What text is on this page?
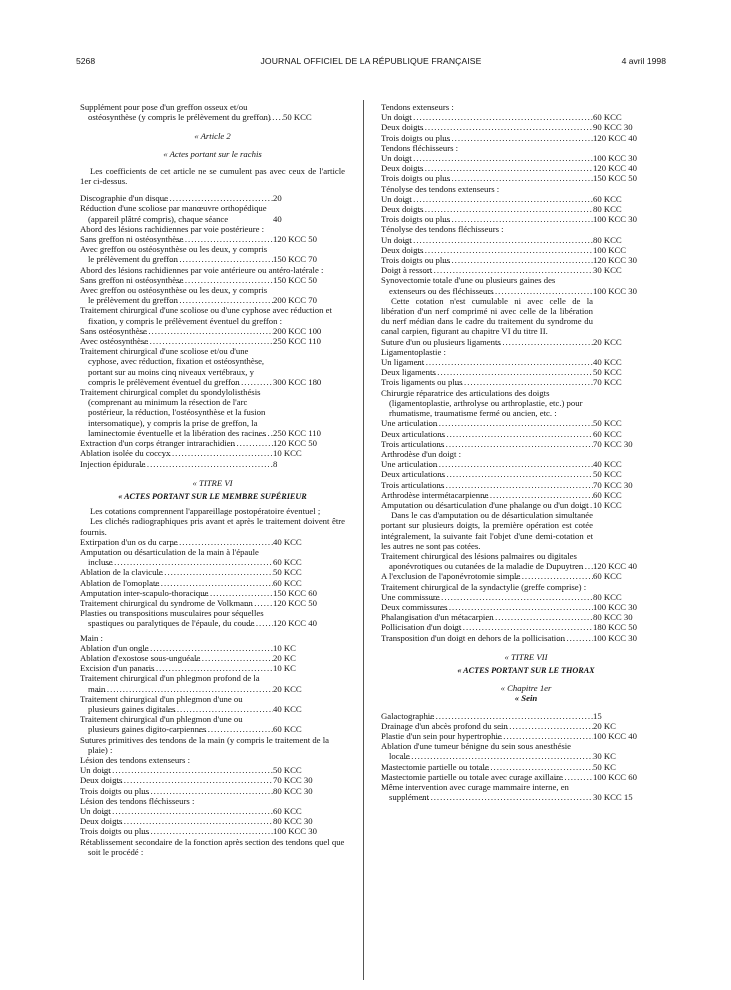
5268	JOURNAL OFFICIEL DE LA RÉPUBLIQUE FRANÇAISE	4 avril 1998
Supplément pour pose d'un greffon osseux et/ou ostéosynthèse (y compris le prélèvement du greffon) .....	50 KCC
« Article 2
« Actes portant sur le rachis
Les coefficients de cet article ne se cumulent pas avec ceux de l'article 1er ci-dessus.
Discographie d'un disque .....	20
Réduction d'une scoliose par manœuvre orthopédique (appareil plâtré compris), chaque séance	40
Abord des lésions rachidiennes par voie postérieure :
Sans greffon ni ostéosynthèse .....	120 KCC 50
Avec greffon ou ostéosynthèse ou les deux, y compris le prélèvement du greffon .....	150 KCC 70
Abord des lésions rachidiennes par voie antérieure ou antéro-latérale :
Sans greffon ni ostéosynthèse .....	150 KCC 50
Avec greffon ou ostéosynthèse ou les deux, y compris le prélèvement du greffon .....	200 KCC 70
Traitement chirurgical d'une scoliose ou d'une cyphose avec réduction et fixation, y compris le prélèvement éventuel du greffon :
Sans ostéosynthèse .....	200 KCC 100
Avec ostéosynthèse .....	250 KCC 110
Traitement chirurgical d'une scoliose et/ou d'une cyphose, avec réduction, fixation et ostéosynthèse, portant sur au moins cinq niveaux vertébraux, y compris le prélèvement éventuel du greffon .....	300 KCC 180
Traitement chirurgical complet du spondylolisthésis (comprenant au minimum la résection de l'arc postérieur, la réduction, l'ostéosynthèse et la fusion intersomatique), y compris la prise de greffon, la laminectomie éventuelle et la libération des racines ..... 250 KCC 110
Extraction d'un corps étranger intrarachidien .....	120 KCC 50
Ablation isolée du coccyx .....	10 KCC
Injection épidurale .....	8
« TITRE VI
« ACTES PORTANT SUR LE MEMBRE SUPÉRIEUR
Les cotations comprennent l'appareillage postopératoire éventuel ;
Les clichés radiographiques pris avant et après le traitement doivent être fournis.
Extirpation d'un os du carpe .....	40 KCC
Amputation ou désarticulation de la main à l'épaule incluse .....	60 KCC
Ablation de la clavicule .....	50 KCC
Ablation de l'omoplate .....	60 KCC
Amputation inter-scapulo-thoracique .....	150 KCC 60
Traitement chirurgical du syndrome de Volkmann .....	120 KCC 50
Plasties ou transpositions musculaires pour séquelles spastiques ou paralytiques de l'épaule, du coude .....	120 KCC 40
Main :
Ablation d'un ongle .....	10 KC
Ablation d'exostose sous-unguéale .....	20 KC
Excision d'un panaris .....	10 KC
Traitement chirurgical d'un phlegmon profond de la main .....	20 KCC
Traitement chirurgical d'un phlegmon d'une ou plusieurs gaines digitales .....	40 KCC
Traitement chirurgical d'un phlegmon d'une ou plusieurs gaines digito-carpiennes .....	60 KCC
Sutures primitives des tendons de la main (y compris le traitement de la plaie) :
Lésion des tendons extenseurs :
Un doigt .....	50 KCC
Deux doigts .....	70 KCC 30
Trois doigts ou plus .....	80 KCC 30
Lésion des tendons fléchisseurs :
Un doigt .....	60 KCC
Deux doigts .....	80 KCC 30
Trois doigts ou plus .....	100 KCC 30
Rétablissement secondaire de la fonction après section des tendons quel que soit le procédé :
Tendons extenseurs :
Un doigt .....	60 KCC
Deux doigts .....	90 KCC 30
Trois doigts ou plus .....	120 KCC 40
Tendons fléchisseurs :
Un doigt .....	100 KCC 30
Deux doigts .....	120 KCC 40
Trois doigts ou plus .....	150 KCC 50
Ténolyse des tendons extenseurs :
Un doigt .....	60 KCC
Deux doigts .....	80 KCC
Trois doigts ou plus .....	100 KCC 30
Ténolyse des tendons fléchisseurs :
Un doigt .....	80 KCC
Deux doigts .....	100 KCC
Trois doigts ou plus .....	120 KCC 30
Doigt à ressort .....	30 KCC
Synovectomie totale d'une ou plusieurs gaines des extenseurs ou des fléchisseurs .....	100 KCC 30
Cette cotation n'est cumulable ni avec celle de la libération d'un nerf comprimé ni avec celle de la libération du nerf médian dans le cadre du traitement du syndrome du canal carpien, figurant au chapitre VI du titre II.
Suture d'un ou plusieurs ligaments .....	20 KCC
Ligamentoplastie :
Un ligament .....	40 KCC
Deux ligaments .....	50 KCC
Trois ligaments ou plus .....	70 KCC
Chirurgie réparatrice des articulations des doigts (ligamentoplastie, arthrolyse ou arthroplastie, etc.) pour rhumatisme, traumatisme fermé ou ancien, etc. :
Une articulation .....	50 KCC
Deux articulations .....	60 KCC
Trois articulations .....	70 KCC 30
Arthrodèse d'un doigt :
Une articulation .....	40 KCC
Deux articulations .....	50 KCC
Trois articulations .....	70 KCC 30
Arthrodèse intermétacarpienne .....	60 KCC
Amputation ou désarticulation d'une phalange ou d'un doigt ..... 10 KCC
Dans le cas d'amputation ou de désarticulation simultanée portant sur plusieurs doigts, la première opération est cotée intégralement, la suivante fait l'objet d'une demi-cotation et les autres ne sont pas cotées.
Traitement chirurgical des lésions palmaires ou digitales aponévrotiques ou cutanées de la maladie de Dupuytren .....	120 KCC 40
A l'exclusion de l'aponévrotomie simple .....	60 KCC
Traitement chirurgical de la syndactylie (greffe comprise) :
Une commissure .....	80 KCC
Deux commissures .....	100 KCC 30
Phalangisation d'un métacarpien .....	80 KCC 30
Pollicisation d'un doigt .....	180 KCC 50
Transposition d'un doigt en dehors de la pollicisation .....	100 KCC 30
« TITRE VII
« ACTES PORTANT SUR LE THORAX
« Chapitre 1er
« Sein
Galactographie .....	15
Drainage d'un abcès profond du sein .....	20 KC
Plastie d'un sein pour hypertrophie .....	100 KCC 40
Ablation d'une tumeur bénigne du sein sous anesthésie locale .....	30 KC
Mastectomie partielle ou totale .....	50 KC
Mastectomie partielle ou totale avec curage axillaire .....	100 KCC 60
Même intervention avec curage mammaire interne, en supplément .....	30 KCC 15
